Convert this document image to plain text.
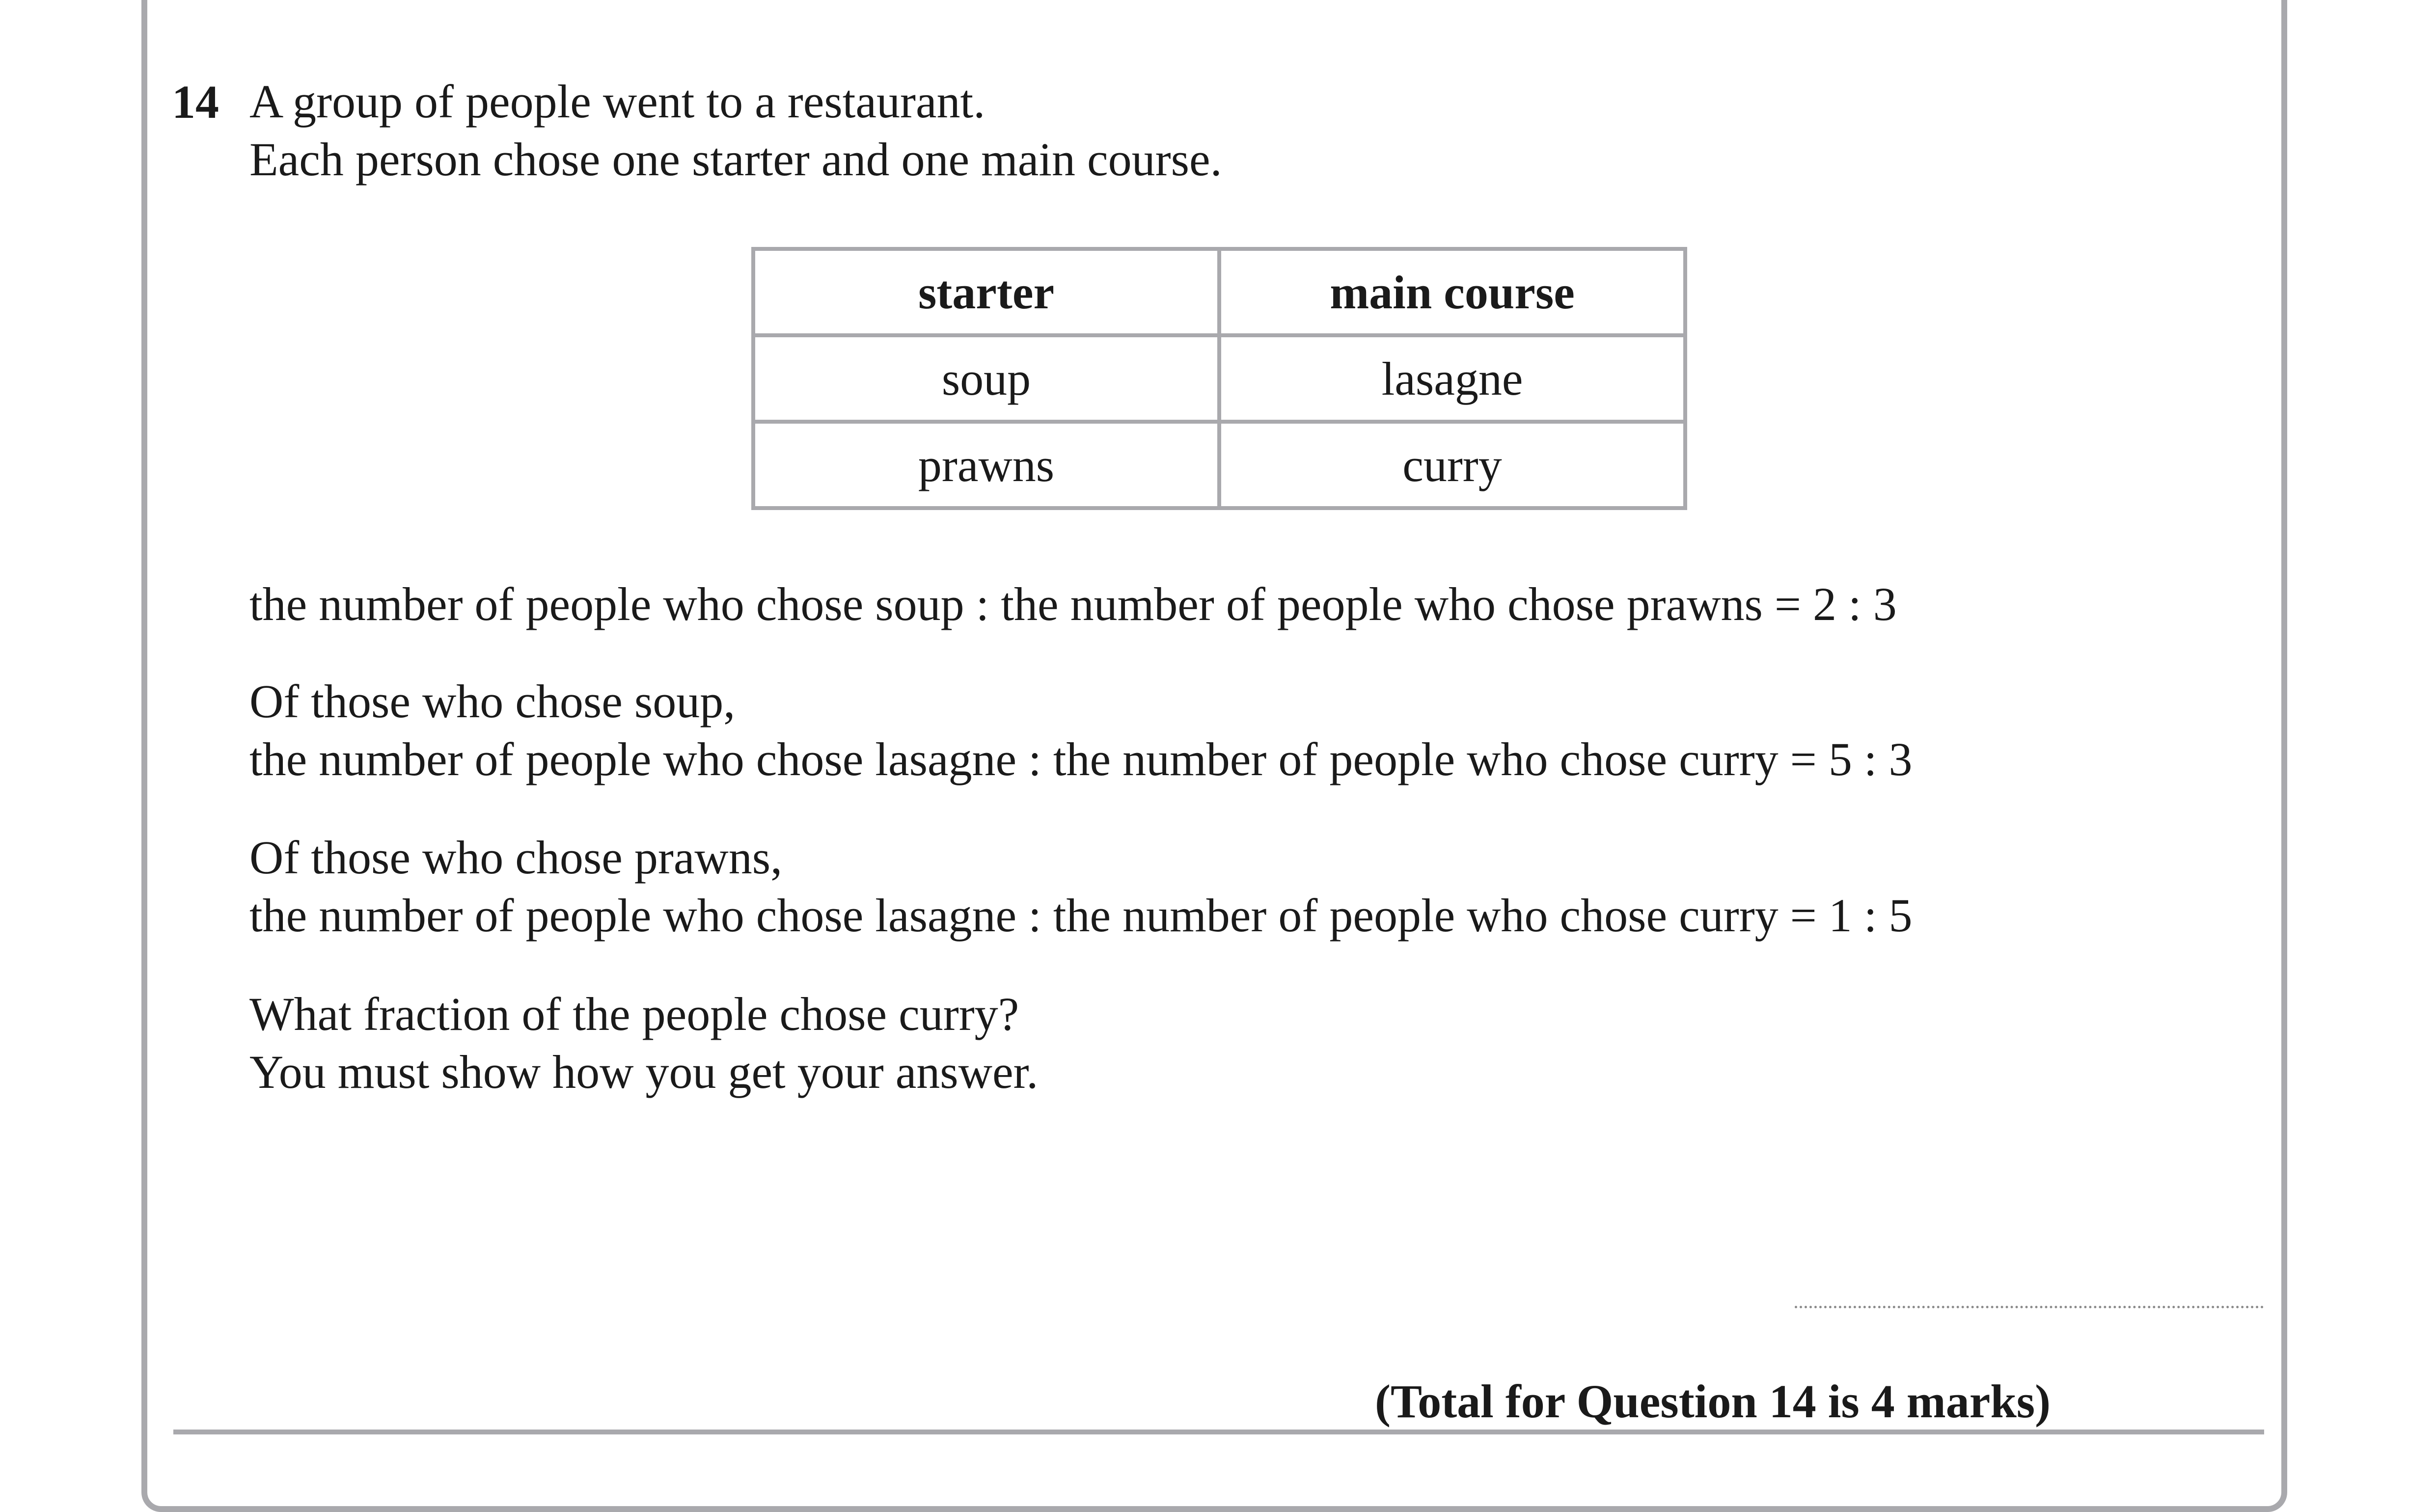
14 A group of people went to a restaurant.
Each person chose one starter and one main course.
starter	main course
soup	lasagne
prawns	curry
the number of people who chose soup : the number of people who chose prawns = 2 : 3
Of those who chose soup,
the number of people who chose lasagne : the number of people who chose curry = 5 : 3
Of those who chose prawns,
the number of people who chose lasagne : the number of people who chose curry = 1 : 5
What fraction of the people chose curry?
You must show how you get your answer.
(Total for Question 14 is 4 marks)
